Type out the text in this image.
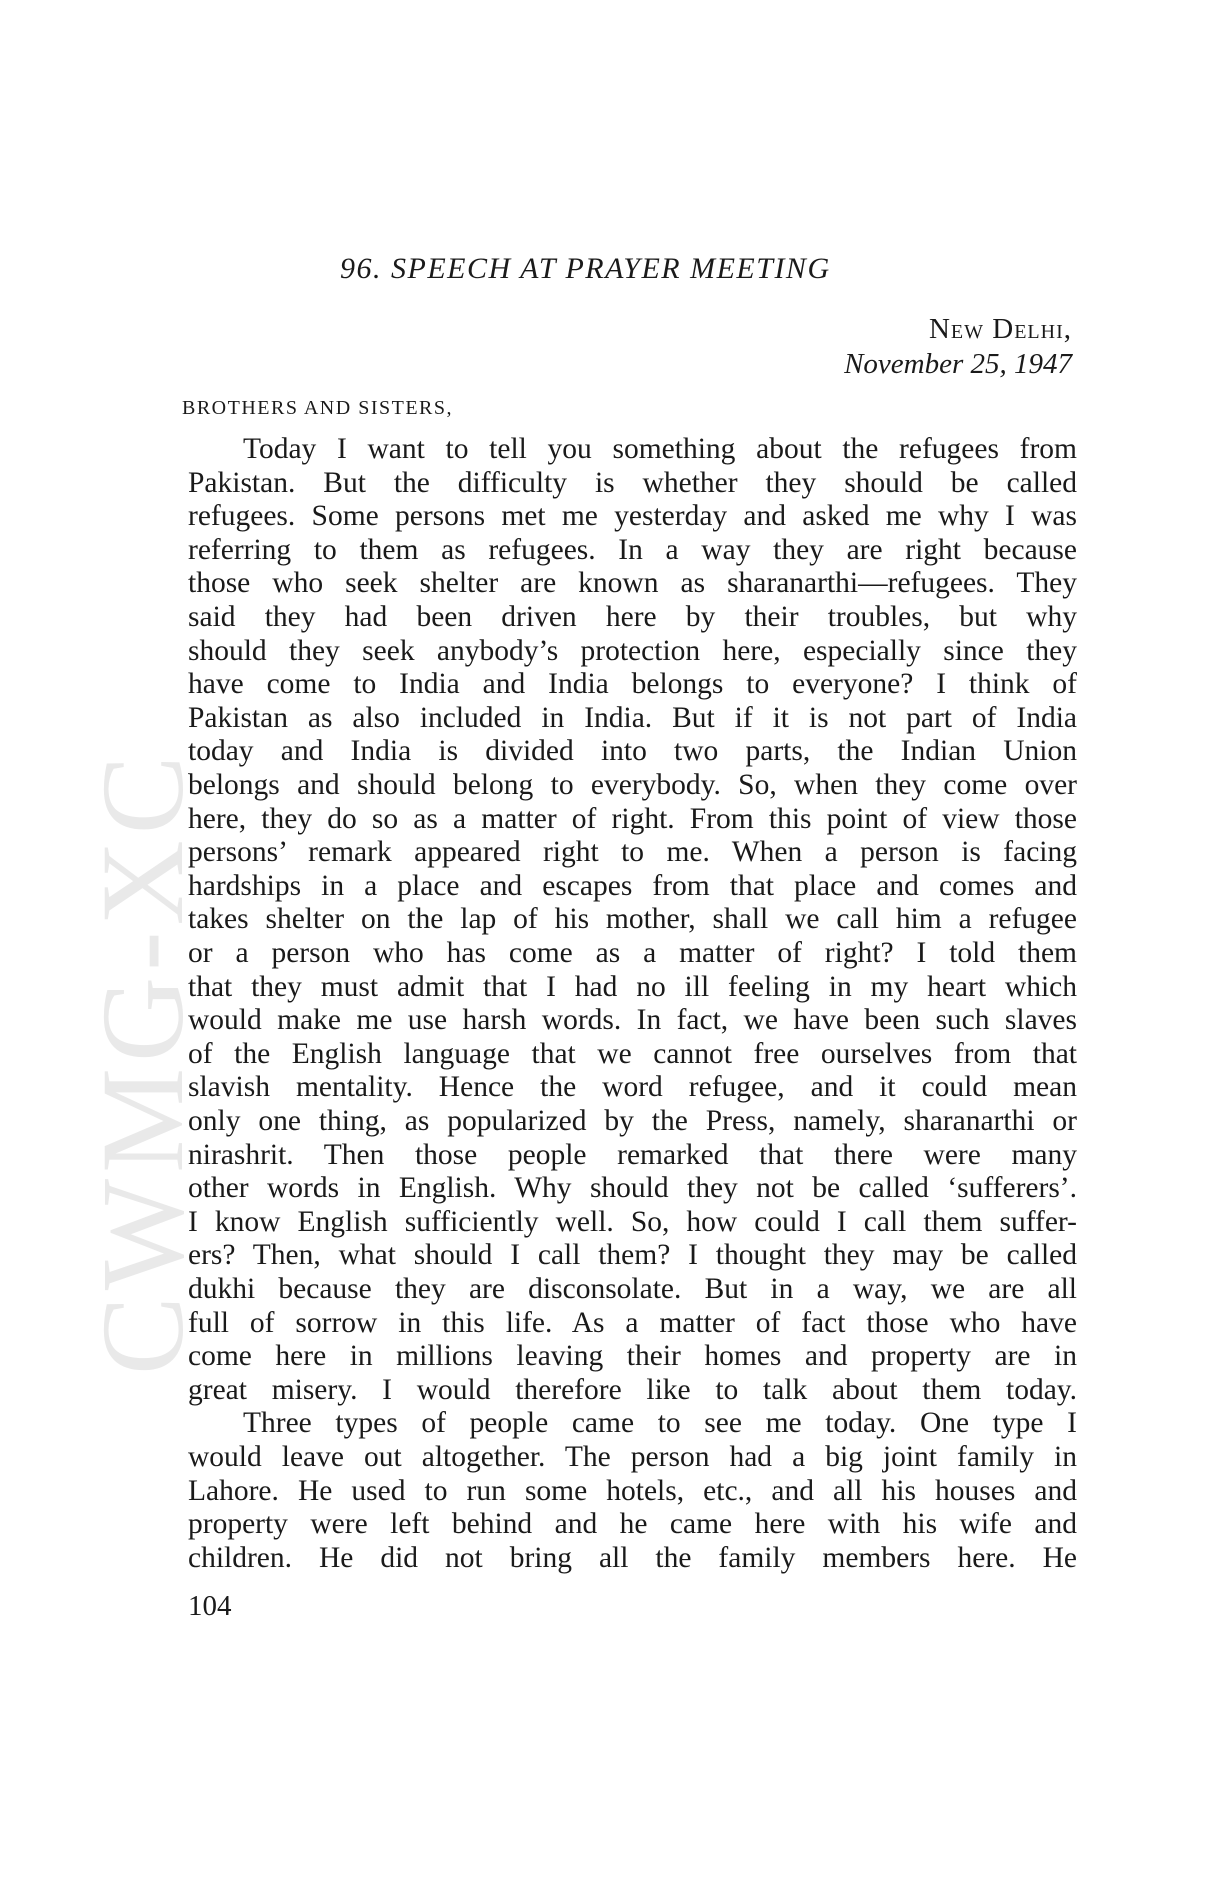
CWMG-XC
96. SPEECH AT PRAYER MEETING
New Delhi,
November 25, 1947
BROTHERS AND SISTERS,
Today I want to tell you something about the refugees from
Pakistan. But the difficulty is whether they should be called
refugees. Some persons met me yesterday and asked me why I was
referring to them as refugees. In a way they are right because
those who seek shelter are known as sharanarthi—refugees. They
said they had been driven here by their troubles, but why
should they seek anybody’s protection here, especially since they
have come to India and India belongs to everyone? I think of
Pakistan as also included in India. But if it is not part of India
today and India is divided into two parts, the Indian Union
belongs and should belong to everybody. So, when they come over
here, they do so as a matter of right. From this point of view those
persons’ remark appeared right to me. When a person is facing
hardships in a place and escapes from that place and comes and
takes shelter on the lap of his mother, shall we call him a refugee
or a person who has come as a matter of right? I told them
that they must admit that I had no ill feeling in my heart which
would make me use harsh words. In fact, we have been such slaves
of the English language that we cannot free ourselves from that
slavish mentality. Hence the word refugee, and it could mean
only one thing, as popularized by the Press, namely, sharanarthi or
nirashrit. Then those people remarked that there were many
other words in English. Why should they not be called ‘sufferers’.
I know English sufficiently well. So, how could I call them suffer-
ers? Then, what should I call them? I thought they may be called
dukhi because they are disconsolate. But in a way, we are all
full of sorrow in this life. As a matter of fact those who have
come here in millions leaving their homes and property are in
great misery. I would therefore like to talk about them today.
Three types of people came to see me today. One type I
would leave out altogether. The person had a big joint family in
Lahore. He used to run some hotels, etc., and all his houses and
property were left behind and he came here with his wife and
children. He did not bring all the family members here. He
104
